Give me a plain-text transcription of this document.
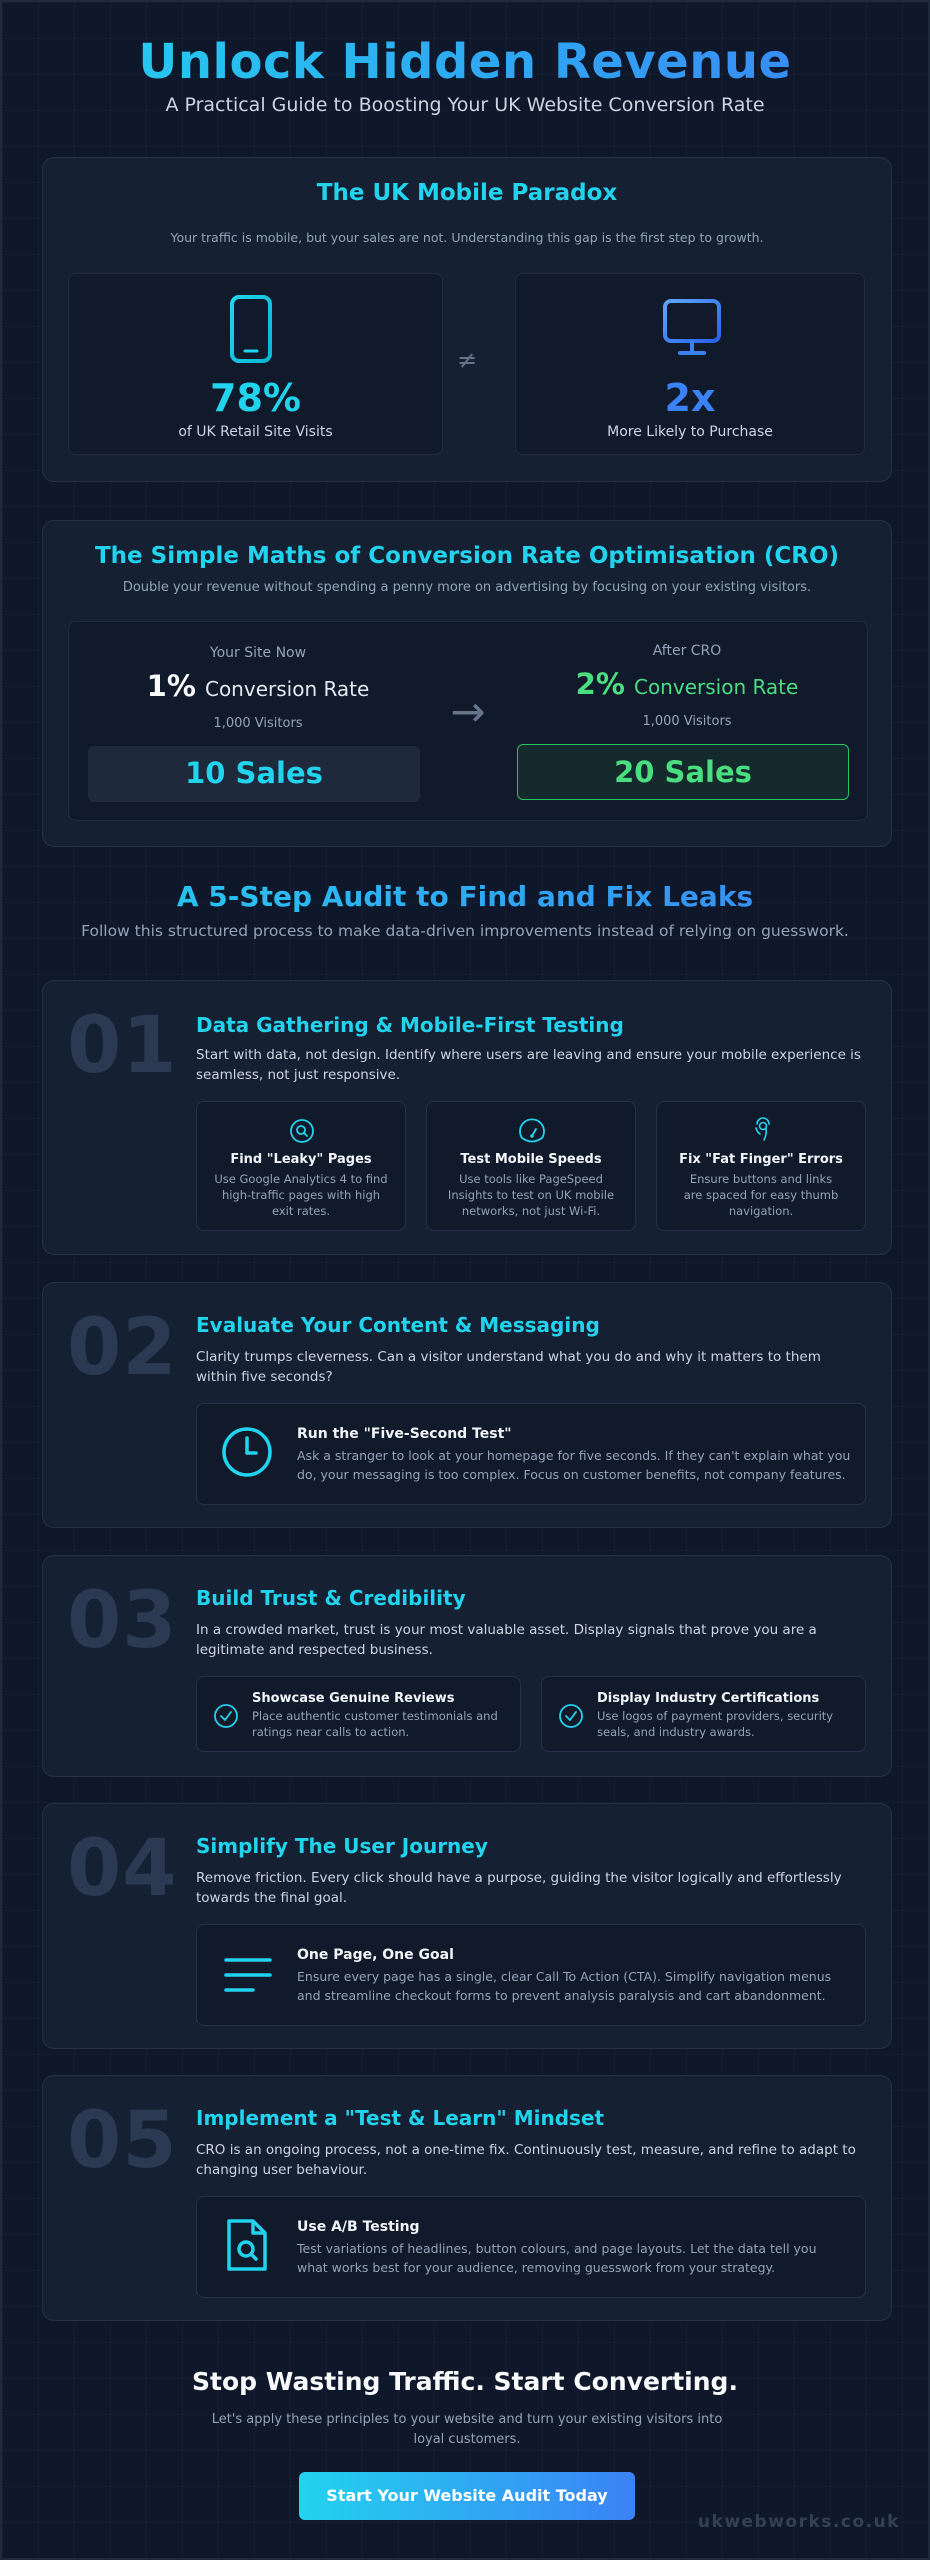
Unlock Hidden Revenue
A Practical Guide to Boosting Your UK Website Conversion Rate
The UK Mobile Paradox
Your traffic is mobile, but your sales are not. Understanding this gap is the first step to growth.
78%
of UK Retail Site Visits
≠
2x
More Likely to Purchase
The Simple Maths of Conversion Rate Optimisation (CRO)
Double your revenue without spending a penny more on advertising by focusing on your existing visitors.
Your Site Now
1% Conversion Rate
1,000 Visitors
10 Sales
→
After CRO
2% Conversion Rate
1,000 Visitors
20 Sales
A 5-Step Audit to Find and Fix Leaks
Follow this structured process to make data-driven improvements instead of relying on guesswork.
01 Data Gathering & Mobile-First Testing
Start with data, not design. Identify where users are leaving and ensure your mobile experience is seamless, not just responsive.
Find "Leaky" Pages
Use Google Analytics 4 to find high-traffic pages with high exit rates.
Test Mobile Speeds
Use tools like PageSpeed Insights to test on UK mobile networks, not just Wi-Fi.
Fix "Fat Finger" Errors
Ensure buttons and links are spaced for easy thumb navigation.
02 Evaluate Your Content & Messaging
Clarity trumps cleverness. Can a visitor understand what you do and why it matters to them within five seconds?
Run the "Five-Second Test"
Ask a stranger to look at your homepage for five seconds. If they can't explain what you do, your messaging is too complex. Focus on customer benefits, not company features.
03 Build Trust & Credibility
In a crowded market, trust is your most valuable asset. Display signals that prove you are a legitimate and respected business.
Showcase Genuine Reviews
Place authentic customer testimonials and ratings near calls to action.
Display Industry Certifications
Use logos of payment providers, security seals, and industry awards.
04 Simplify The User Journey
Remove friction. Every click should have a purpose, guiding the visitor logically and effortlessly towards the final goal.
One Page, One Goal
Ensure every page has a single, clear Call To Action (CTA). Simplify navigation menus and streamline checkout forms to prevent analysis paralysis and cart abandonment.
05 Implement a "Test & Learn" Mindset
CRO is an ongoing process, not a one-time fix. Continuously test, measure, and refine to adapt to changing user behaviour.
Use A/B Testing
Test variations of headlines, button colours, and page layouts. Let the data tell you what works best for your audience, removing guesswork from your strategy.
Stop Wasting Traffic. Start Converting.
Let's apply these principles to your website and turn your existing visitors into loyal customers.
Start Your Website Audit Today
ukwebworks.co.uk
